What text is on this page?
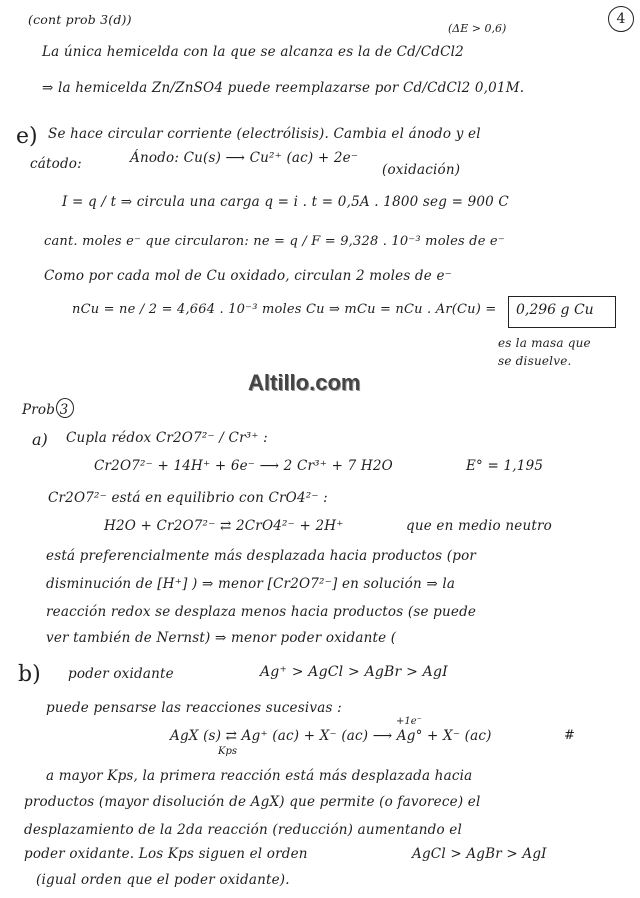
4
(cont prob 3(d))
(ΔE > 0,6)
La única hemicelda con la que se alcanza es la de Cd/CdCl2
⇒ la hemicelda Zn/ZnSO4 puede reemplazarse por Cd/CdCl2 0,01M.
e) Se hace circular corriente (electrólisis). Cambia el ánodo y el
cátodo:	Ánodo: Cu(s) ⟶ Cu²⁺ (ac) + 2e⁻
(oxidación)
I = q / t ⇒ circula una carga q = i . t = 0,5A . 1800 seg = 900 C
cant. moles e⁻ que circularon: ne = q / F = 9,328 . 10⁻³ moles de e⁻
Como por cada mol de Cu oxidado, circulan 2 moles de e⁻
nCu = ne / 2 = 4,664 . 10⁻³ moles Cu ⇒ mCu = nCu . Ar(Cu) = 0,296 g Cu
es la masa que
se disuelve.
Altillo.com
Prob 3
a) Cupla rédox Cr2O7²⁻ / Cr³⁺ :
Cr2O7²⁻ + 14H⁺ + 6e⁻ ⟶ 2 Cr³⁺ + 7 H2O	E° = 1,195
Cr2O7²⁻ está en equilibrio con CrO4²⁻ :
H2O + Cr2O7²⁻ ⇄ 2CrO4²⁻ + 2H⁺	que en medio neutro
está preferencialmente más desplazada hacia productos (por
disminución de [H⁺] ) ⇒ menor [Cr2O7²⁻] en solución ⇒ la
reacción redox se desplaza menos hacia productos (se puede
ver también de Nernst) ⇒ menor poder oxidante (
b) poder oxidante	Ag⁺ > AgCl > AgBr > AgI
puede pensarse las reacciones sucesivas :
AgX (s) ⇄ Ag⁺ (ac) + X⁻ (ac) ⟶ Ag° + X⁻ (ac)
+1e⁻
Kps
#
a mayor Kps, la primera reacción está más desplazada hacia
productos (mayor disolución de AgX) que permite (o favorece) el
desplazamiento de la 2da reacción (reducción) aumentando el
poder oxidante. Los Kps siguen el orden	AgCl > AgBr > AgI
(igual orden que el poder oxidante).
